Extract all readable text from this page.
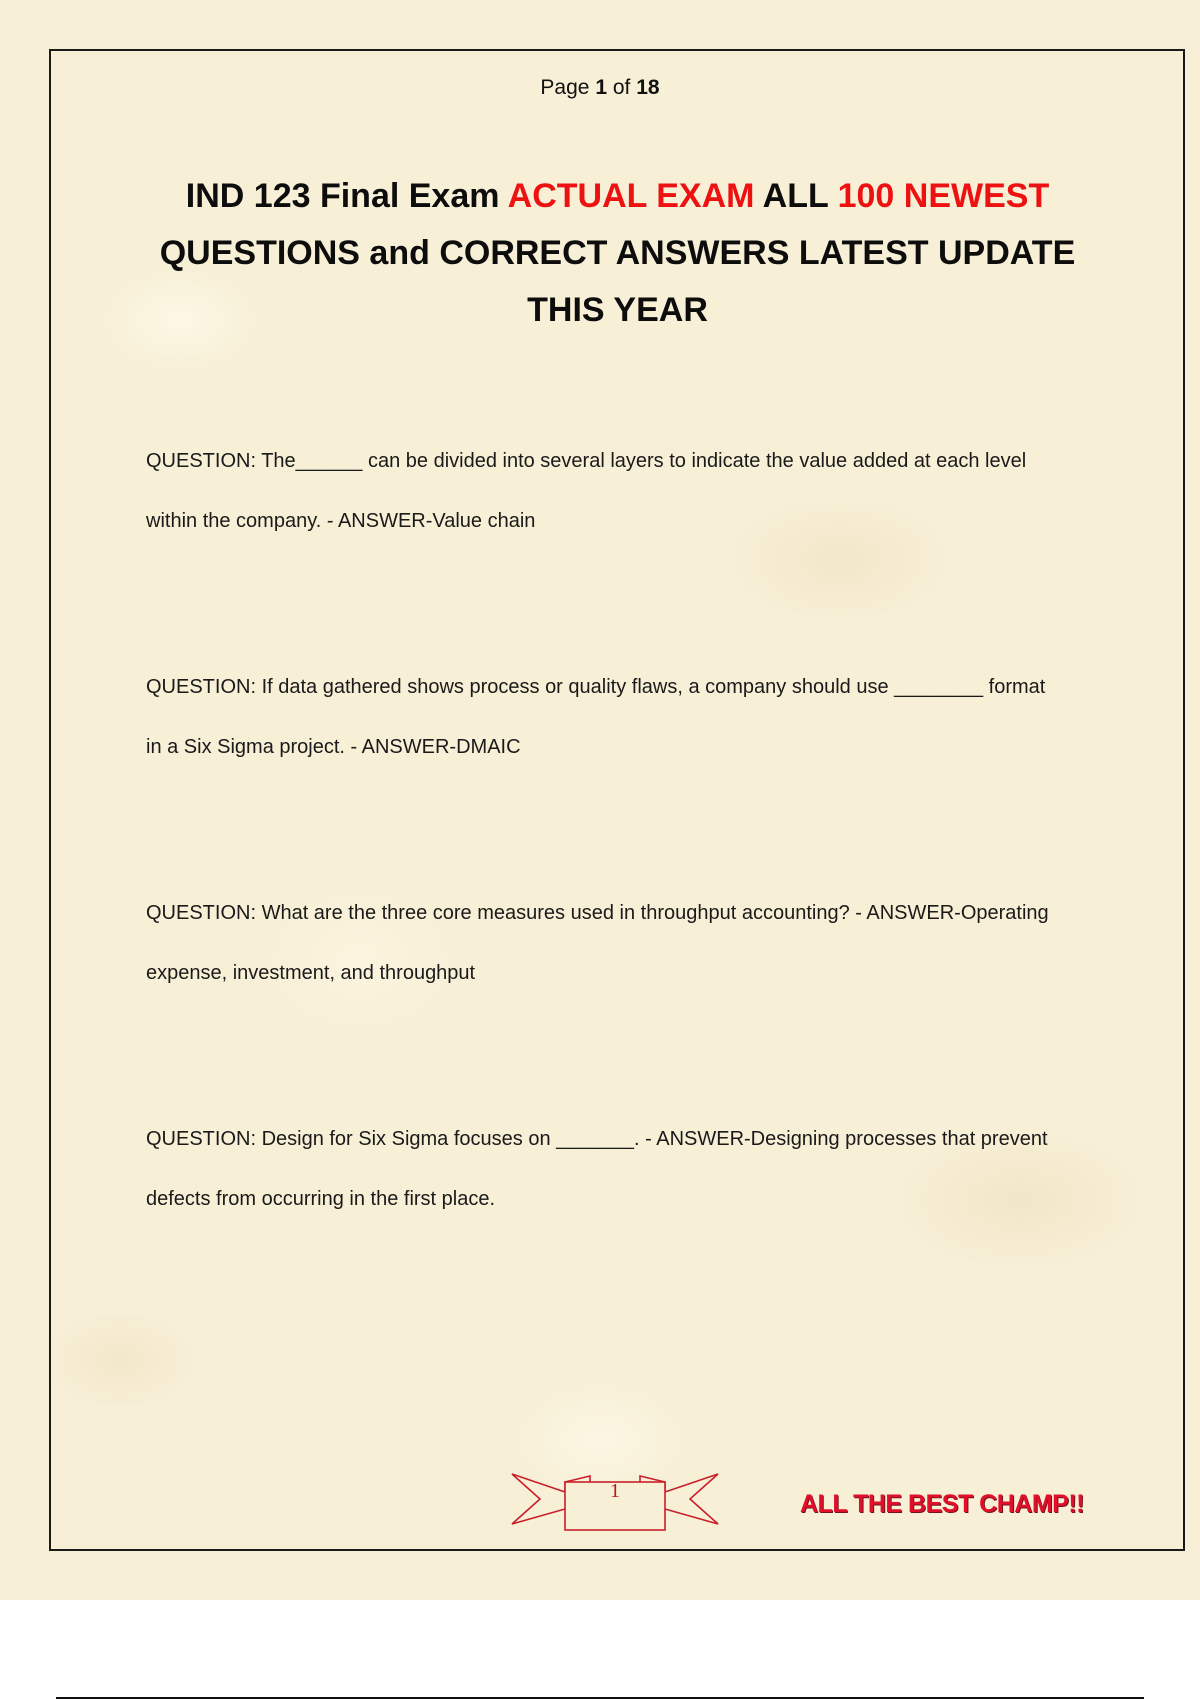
Page 1 of 18
IND 123 Final Exam ACTUAL EXAM ALL 100 NEWEST QUESTIONS and CORRECT ANSWERS LATEST UPDATE THIS YEAR
QUESTION: The______ can be divided into several layers to indicate the value added at each level within the company. - ANSWER-Value chain
QUESTION: If data gathered shows process or quality flaws, a company should use ________ format in a Six Sigma project. - ANSWER-DMAIC
QUESTION: What are the three core measures used in throughput accounting? - ANSWER-Operating expense, investment, and throughput
QUESTION: Design for Six Sigma focuses on _______. - ANSWER-Designing processes that prevent defects from occurring in the first place.
1	ALL THE BEST CHAMP!!
